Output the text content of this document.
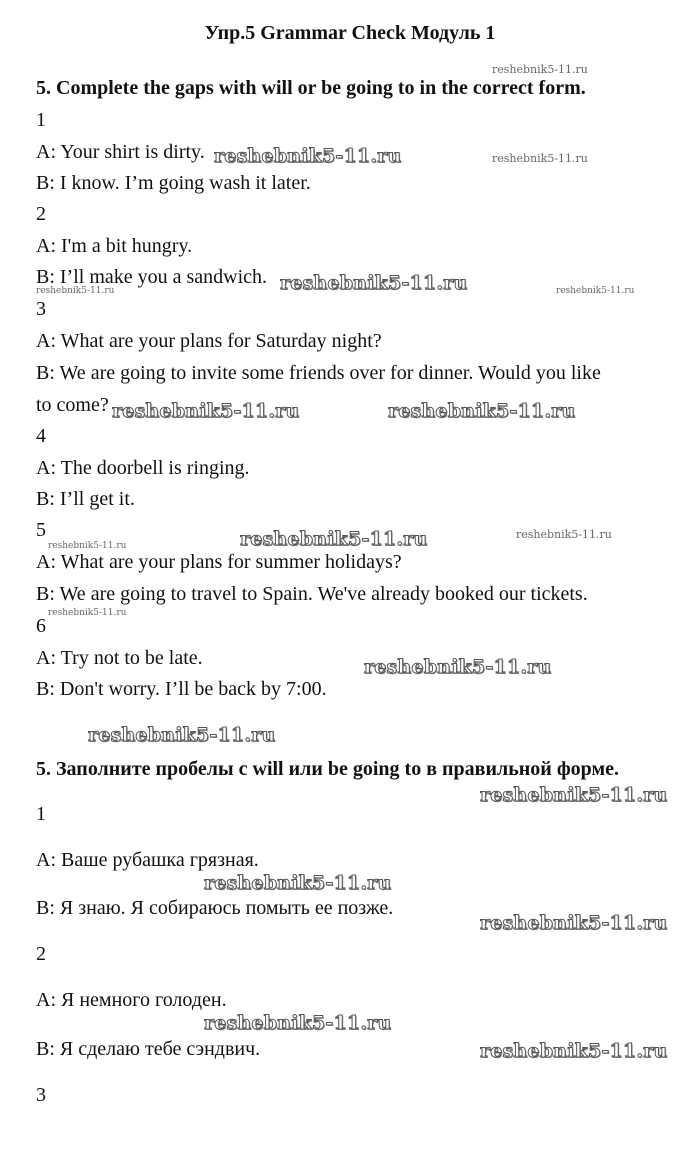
Упр.5 Grammar Check Модуль 1
5. Complete the gaps with will or be going to in the correct form.
1
A: Your shirt is dirty.
B: I know. I’m going wash it later.
2
A: I'm a bit hungry.
B: I’ll make you a sandwich.
3
A: What are your plans for Saturday night?
B: We are going to invite some friends over for dinner. Would you like
to come?
4
A: The doorbell is ringing.
B: I’ll get it.
5
A: What are your plans for summer holidays?
B: We are going to travel to Spain. We've already booked our tickets.
6
A: Try not to be late.
B: Don't worry. I’ll be back by 7:00.
5. Заполните пробелы с will или be going to в правильной форме.
1
A: Ваше рубашка грязная.
B: Я знаю. Я собираюсь помыть ее позже.
2
A: Я немного голоден.
B: Я сделаю тебе сэндвич.
3
reshebnik5-11.ru
reshebnik5-11.ru
reshebnik5-11.ru	reshebnik5-11.ru
reshebnik5-11.ru
reshebnik5-11.ru
reshebnik5-11.ru
reshebnik5-11.ru
reshebnik5-11.ru
reshebnik5-11.ru
reshebnik5-11.ru
reshebnik5-11.ru
reshebnik5-11.ru
reshebnik5-11.ru
reshebnik5-11.ru
reshebnik5-11.ru	reshebnik5-11.ru
reshebnik5-11.ru
reshebnik5-11.ru
